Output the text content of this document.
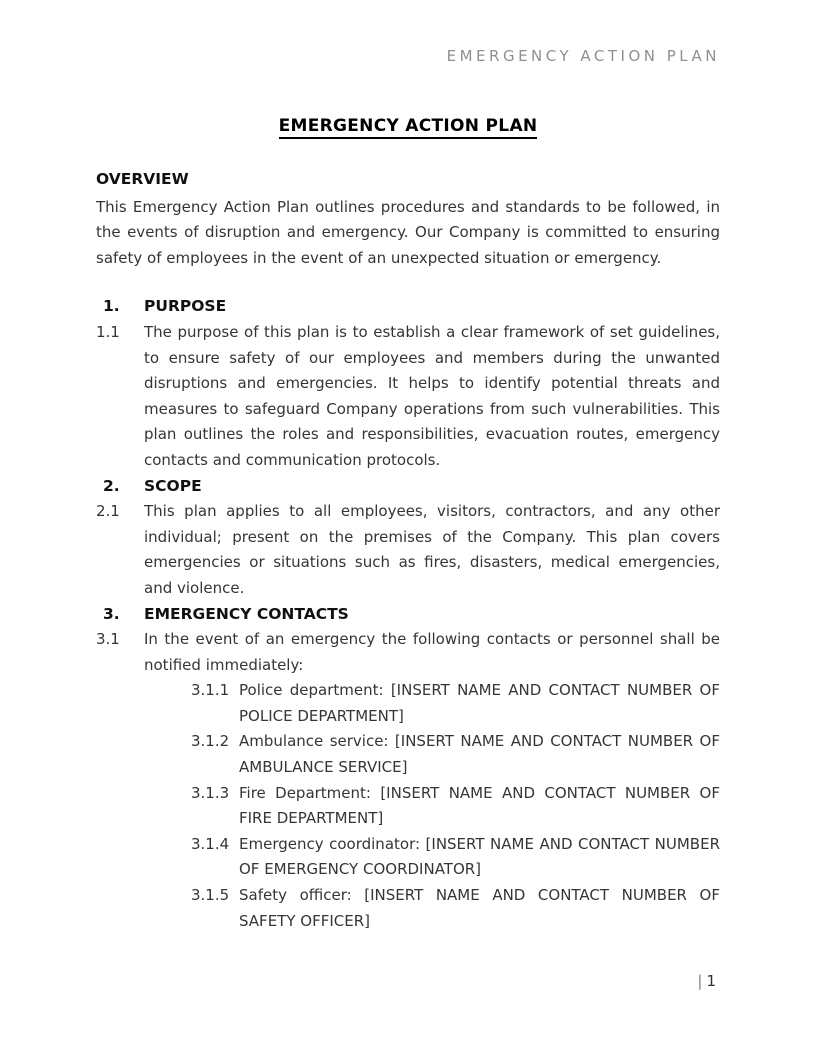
EMERGENCY ACTION PLAN
EMERGENCY ACTION PLAN
OVERVIEW
This Emergency Action Plan outlines procedures and standards to be followed, in the events of disruption and emergency. Our Company is committed to ensuring safety of employees in the event of an unexpected situation or emergency.
1.	PURPOSE
1.1	The purpose of this plan is to establish a clear framework of set guidelines, to ensure safety of our employees and members during the unwanted disruptions and emergencies. It helps to identify potential threats and measures to safeguard Company operations from such vulnerabilities. This plan outlines the roles and responsibilities, evacuation routes, emergency contacts and communication protocols.
2.	SCOPE
2.1	This plan applies to all employees, visitors, contractors, and any other individual; present on the premises of the Company. This plan covers emergencies or situations such as fires, disasters, medical emergencies, and violence.
3.	EMERGENCY CONTACTS
3.1	In the event of an emergency the following contacts or personnel shall be notified immediately:
3.1.1 Police department: [INSERT NAME AND CONTACT NUMBER OF POLICE DEPARTMENT]
3.1.2 Ambulance service: [INSERT NAME AND CONTACT NUMBER OF AMBULANCE SERVICE]
3.1.3 Fire Department: [INSERT NAME AND CONTACT NUMBER OF FIRE DEPARTMENT]
3.1.4 Emergency coordinator: [INSERT NAME AND CONTACT NUMBER OF EMERGENCY COORDINATOR]
3.1.5 Safety officer: [INSERT NAME AND CONTACT NUMBER OF SAFETY OFFICER]
| 1
